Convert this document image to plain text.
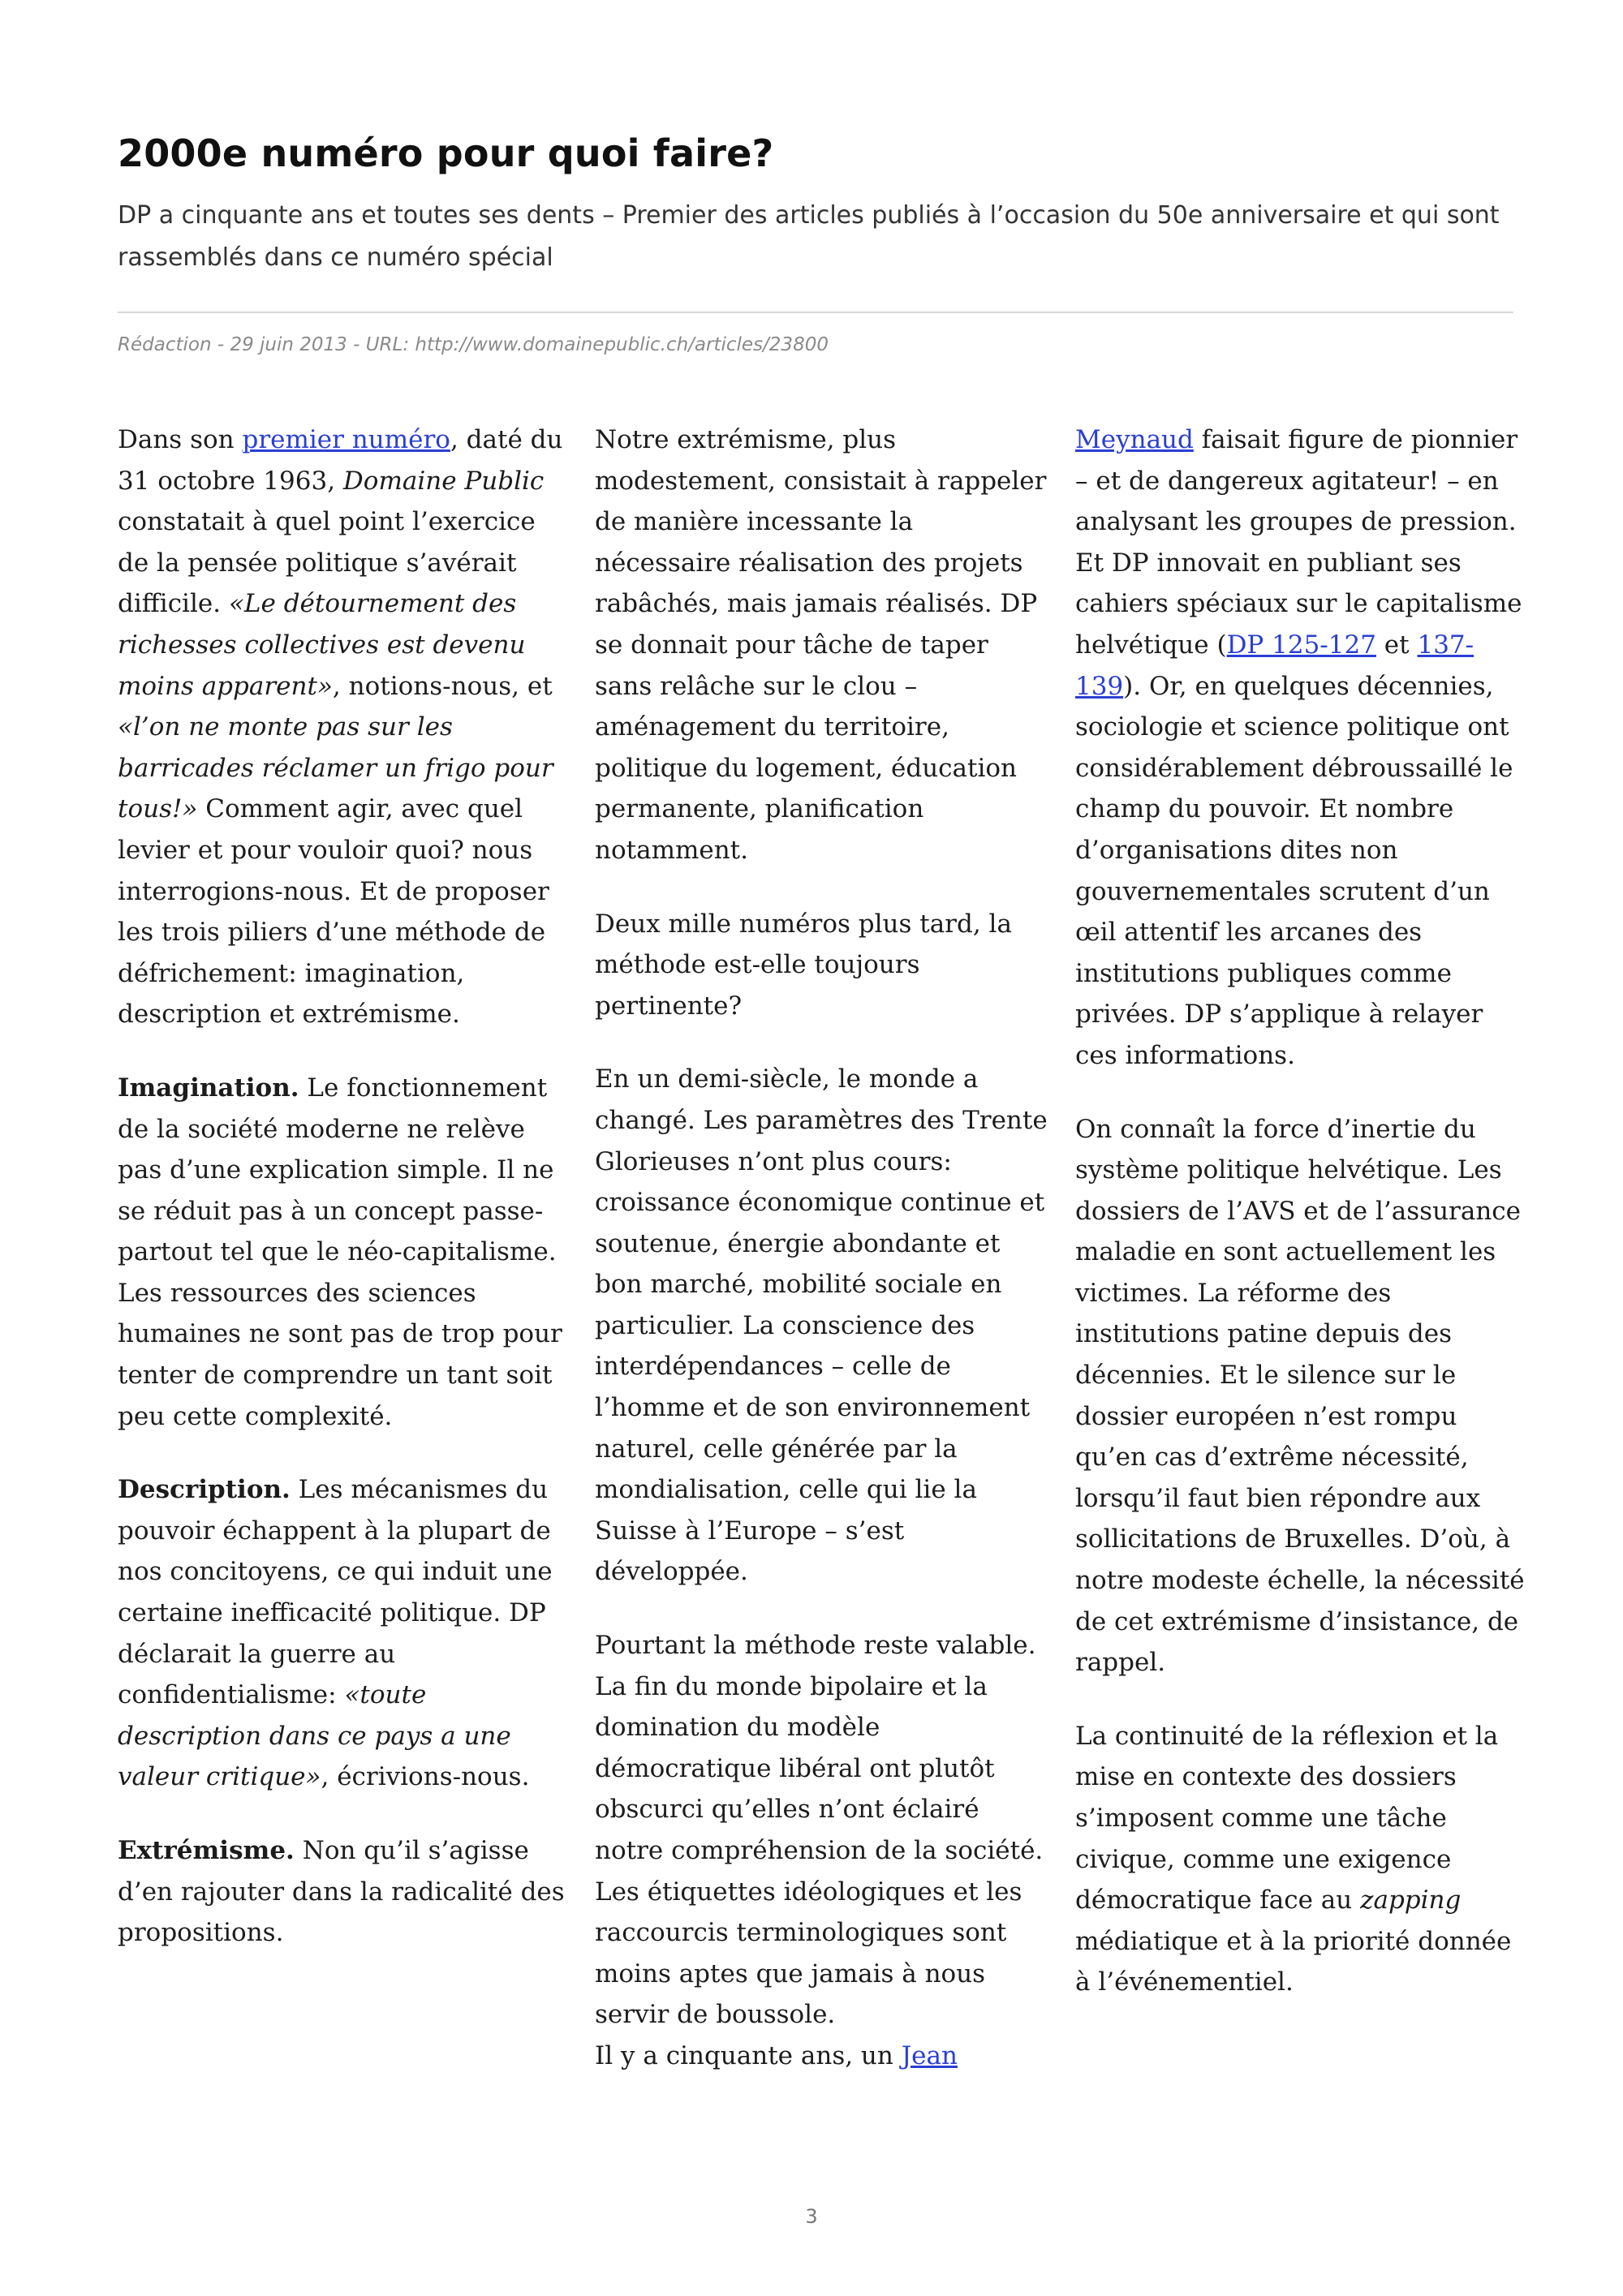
2000e numéro pour quoi faire?

DP a cinquante ans et toutes ses dents – Premier des articles publiés à l’occasion du 50e anniversaire et qui sont rassemblés dans ce numéro spécial

Rédaction - 29 juin 2013 - URL: http://www.domainepublic.ch/articles/23800

Dans son premier numéro, daté du 31 octobre 1963, Domaine Public constatait à quel point l’exercice de la pensée politique s’avérait difficile. «Le détournement des richesses collectives est devenu moins apparent», notions-nous, et «l’on ne monte pas sur les barricades réclamer un frigo pour tous!» Comment agir, avec quel levier et pour vouloir quoi? nous interrogions-nous. Et de proposer les trois piliers d’une méthode de défrichement: imagination, description et extrémisme.

Imagination. Le fonctionnement de la société moderne ne relève pas d’une explication simple. Il ne se réduit pas à un concept passe-partout tel que le néo-capitalisme. Les ressources des sciences humaines ne sont pas de trop pour tenter de comprendre un tant soit peu cette complexité.

Description. Les mécanismes du pouvoir échappent à la plupart de nos concitoyens, ce qui induit une certaine inefficacité politique. DP déclarait la guerre au confidentialisme: «toute description dans ce pays a une valeur critique», écrivions-nous.

Extrémisme. Non qu’il s’agisse d’en rajouter dans la radicalité des propositions.

Notre extrémisme, plus modestement, consistait à rappeler de manière incessante la nécessaire réalisation des projets rabâchés, mais jamais réalisés. DP se donnait pour tâche de taper sans relâche sur le clou – aménagement du territoire, politique du logement, éducation permanente, planification notamment.

Deux mille numéros plus tard, la méthode est-elle toujours pertinente?

En un demi-siècle, le monde a changé. Les paramètres des Trente Glorieuses n’ont plus cours: croissance économique continue et soutenue, énergie abondante et bon marché, mobilité sociale en particulier. La conscience des interdépendances – celle de l’homme et de son environnement naturel, celle générée par la mondialisation, celle qui lie la Suisse à l’Europe – s’est développée.

Pourtant la méthode reste valable. La fin du monde bipolaire et la domination du modèle démocratique libéral ont plutôt obscurci qu’elles n’ont éclairé notre compréhension de la société. Les étiquettes idéologiques et les raccourcis terminologiques sont moins aptes que jamais à nous servir de boussole.
Il y a cinquante ans, un Jean

Meynaud faisait figure de pionnier – et de dangereux agitateur! – en analysant les groupes de pression. Et DP innovait en publiant ses cahiers spéciaux sur le capitalisme helvétique (DP 125-127 et 137-139). Or, en quelques décennies, sociologie et science politique ont considérablement débroussaillé le champ du pouvoir. Et nombre d’organisations dites non gouvernementales scrutent d’un œil attentif les arcanes des institutions publiques comme privées. DP s’applique à relayer ces informations.

On connaît la force d’inertie du système politique helvétique. Les dossiers de l’AVS et de l’assurance maladie en sont actuellement les victimes. La réforme des institutions patine depuis des décennies. Et le silence sur le dossier européen n’est rompu qu’en cas d’extrême nécessité, lorsqu’il faut bien répondre aux sollicitations de Bruxelles. D’où, à notre modeste échelle, la nécessité de cet extrémisme d’insistance, de rappel.

La continuité de la réflexion et la mise en contexte des dossiers s’imposent comme une tâche civique, comme une exigence démocratique face au zapping médiatique et à la priorité donnée à l’événementiel.

3
